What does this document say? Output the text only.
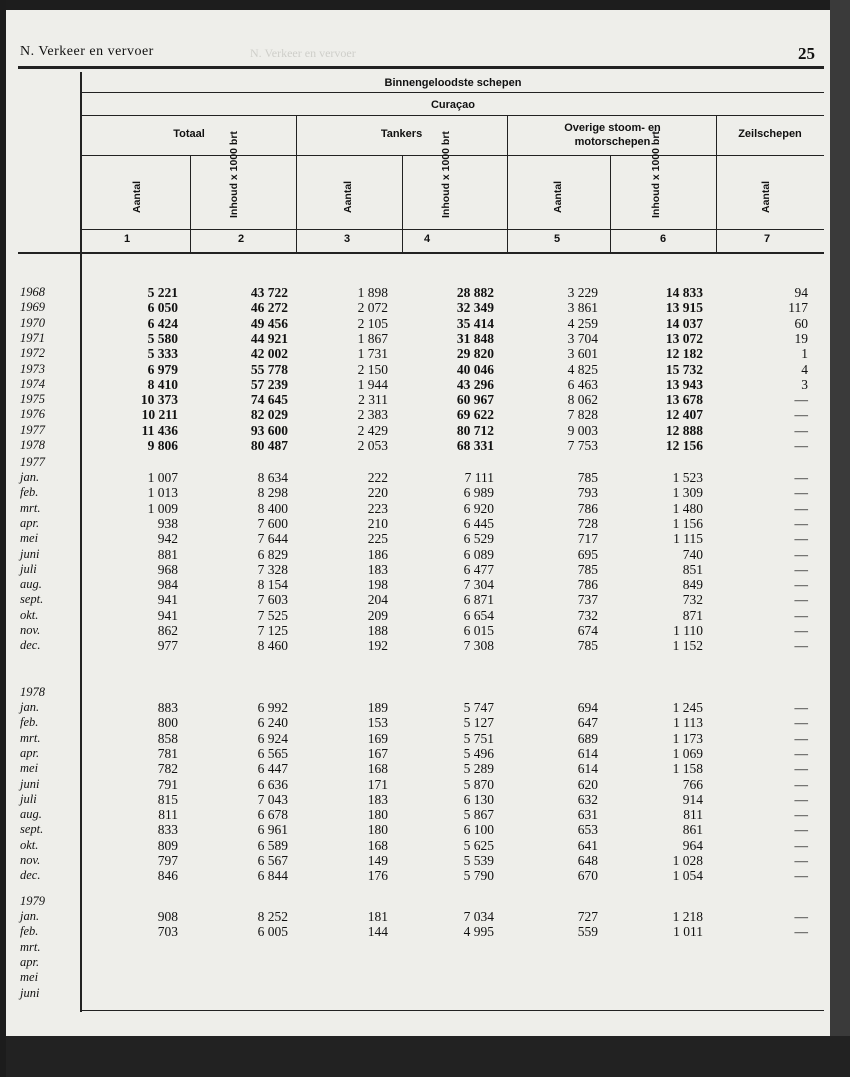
N. Verkeer en vervoer
N. Verkeer en vervoer	25
Binnengeloodste schepen
Curaçao
Totaal	Tankers	Overige stoom- en motorschepen
Zeilschepen
Aantal	Inhoud x 1000 brt	Aantal	Inhoud x 1000 brt	Aantal	Inhoud x 1000 brt	Aantal
1	2	3	4	5	6	7
1968	5 221	43 722	1 898	28 882	3 229	14 833	94
1969	6 050	46 272	2 072	32 349	3 861	13 915	117
1970	6 424	49 456	2 105	35 414	4 259	14 037	60
1971	5 580	44 921	1 867	31 848	3 704	13 072	19
1972	5 333	42 002	1 731	29 820	3 601	12 182	1
1973	6 979	55 778	2 150	40 046	4 825	15 732	4
1974	8 410	57 239	1 944	43 296	6 463	13 943	3
1975	10 373	74 645	2 311	60 967	8 062	13 678	—
1976	10 211	82 029	2 383	69 622	7 828	12 407	—
1977	11 436	93 600	2 429	80 712	9 003	12 888	—
1978	9 806	80 487	2 053	68 331	7 753	12 156	—
1977
jan.	1 007	8 634	222	7 111	785	1 523	—
feb.	1 013	8 298	220	6 989	793	1 309	—
mrt.	1 009	8 400	223	6 920	786	1 480	—
apr.	938	7 600	210	6 445	728	1 156	—
mei	942	7 644	225	6 529	717	1 115	—
juni	881	6 829	186	6 089	695	740	—
juli	968	7 328	183	6 477	785	851	—
aug.	984	8 154	198	7 304	786	849	—
sept.	941	7 603	204	6 871	737	732	—
okt.	941	7 525	209	6 654	732	871	—
nov.	862	7 125	188	6 015	674	1 110	—
dec.	977	8 460	192	7 308	785	1 152	—
1978
jan.	883	6 992	189	5 747	694	1 245	—
feb.	800	6 240	153	5 127	647	1 113	—
mrt.	858	6 924	169	5 751	689	1 173	—
apr.	781	6 565	167	5 496	614	1 069	—
mei	782	6 447	168	5 289	614	1 158	—
juni	791	6 636	171	5 870	620	766	—
juli	815	7 043	183	6 130	632	914	—
aug.	811	6 678	180	5 867	631	811	—
sept.	833	6 961	180	6 100	653	861	—
okt.	809	6 589	168	5 625	641	964	—
nov.	797	6 567	149	5 539	648	1 028	—
dec.	846	6 844	176	5 790	670	1 054	—
1979
jan.	908	8 252	181	7 034	727	1 218	—
feb.	703	6 005	144	4 995	559	1 011	—
mrt.
apr.
mei
juni
